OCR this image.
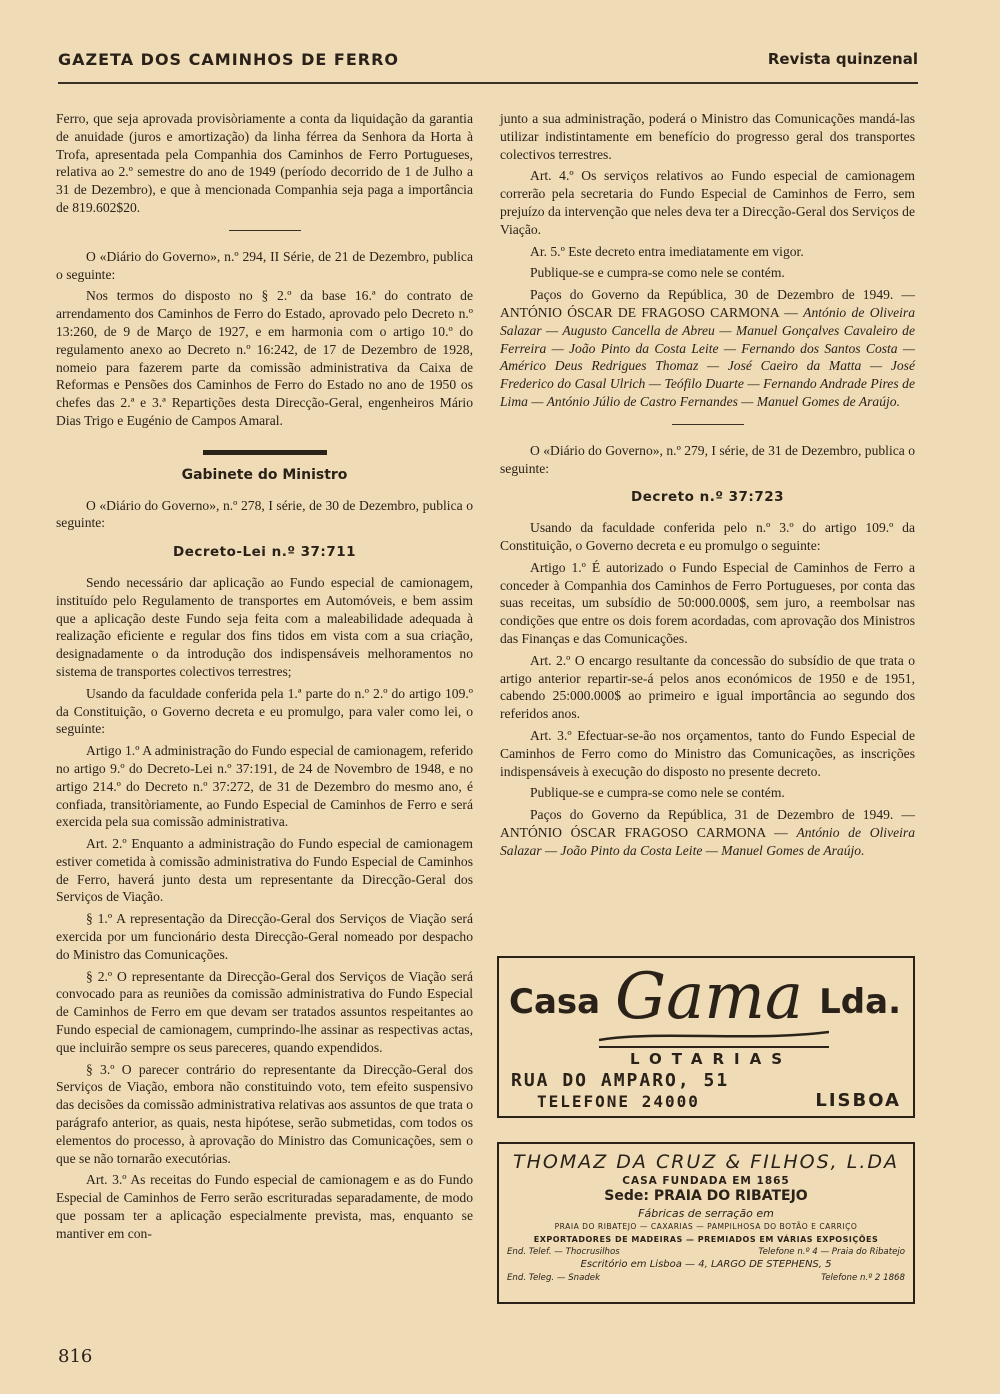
GAZETA DOS CAMINHOS DE FERRO	Revista quinzenal

Ferro, que seja aprovada provisòriamente a conta da liquidação da garantia de anuidade (juros e amortização) da linha férrea da Senhora da Horta à Trofa, apresentada pela Companhia dos Caminhos de Ferro Portugueses, relativa ao 2.º semestre do ano de 1949 (período decorrido de 1 de Julho a 31 de Dezembro), e que à mencionada Companhia seja paga a importância de 819.602$20.

O «Diário do Governo», n.º 294, II Série, de 21 de Dezembro, publica o seguinte:

Nos termos do disposto no § 2.º da base 16.ª do contrato de arrendamento dos Caminhos de Ferro do Estado, aprovado pelo Decreto n.º 13:260, de 9 de Março de 1927, e em harmonia com o artigo 10.º do regulamento anexo ao Decreto n.º 16:242, de 17 de Dezembro de 1928, nomeio para fazerem parte da comissão administrativa da Caixa de Reformas e Pensões dos Caminhos de Ferro do Estado no ano de 1950 os chefes das 2.ª e 3.ª Repartições desta Direcção-Geral, engenheiros Mário Dias Trigo e Eugénio de Campos Amaral.

Gabinete do Ministro

O «Diário do Governo», n.º 278, I série, de 30 de Dezembro, publica o seguinte:

Decreto-Lei n.º 37:711

Sendo necessário dar aplicação ao Fundo especial de camionagem, instituído pelo Regulamento de transportes em Automóveis, e bem assim que a aplicação deste Fundo seja feita com a maleabilidade adequada à realização eficiente e regular dos fins tidos em vista com a sua criação, designadamente o da introdução dos indispensáveis melhoramentos no sistema de transportes colectivos terrestres;

Usando da faculdade conferida pela 1.ª parte do n.º 2.º do artigo 109.º da Constituição, o Governo decreta e eu promulgo, para valer como lei, o seguinte:

Artigo 1.º A administração do Fundo especial de camionagem, referido no artigo 9.º do Decreto-Lei n.º 37:191, de 24 de Novembro de 1948, e no artigo 214.º do Decreto n.º 37:272, de 31 de Dezembro do mesmo ano, é confiada, transitòriamente, ao Fundo Especial de Caminhos de Ferro e será exercida pela sua comissão administrativa.

Art. 2.º Enquanto a administração do Fundo especial de camionagem estiver cometida à comissão administrativa do Fundo Especial de Caminhos de Ferro, haverá junto desta um representante da Direcção-Geral dos Serviços de Viação.

§ 1.º A representação da Direcção-Geral dos Serviços de Viação será exercida por um funcionário desta Direcção-Geral nomeado por despacho do Ministro das Comunicações.

§ 2.º O representante da Direcção-Geral dos Serviços de Viação será convocado para as reuniões da comissão administrativa do Fundo Especial de Caminhos de Ferro em que devam ser tratados assuntos respeitantes ao Fundo especial de camionagem, cumprindo-lhe assinar as respectivas actas, que incluirão sempre os seus pareceres, quando expendidos.

§ 3.º O parecer contrário do representante da Direcção-Geral dos Serviços de Viação, embora não constituindo voto, tem efeito suspensivo das decisões da comissão administrativa relativas aos assuntos de que trata o parágrafo anterior, as quais, nesta hipótese, serão submetidas, com todos os elementos do processo, à aprovação do Ministro das Comunicações, sem o que se não tornarão executórias.

Art. 3.º As receitas do Fundo especial de camionagem e as do Fundo Especial de Caminhos de Ferro serão escrituradas separadamente, de modo que possam ter a aplicação especialmente prevista, mas, enquanto se mantiver em con-

junto a sua administração, poderá o Ministro das Comunicações mandá-las utilizar indistintamente em benefício do progresso geral dos transportes colectivos terrestres.

Art. 4.º Os serviços relativos ao Fundo especial de camionagem correrão pela secretaria do Fundo Especial de Caminhos de Ferro, sem prejuízo da intervenção que neles deva ter a Direcção-Geral dos Serviços de Viação.

Ar. 5.º Este decreto entra imediatamente em vigor.

Publique-se e cumpra-se como nele se contém.

Paços do Governo da República, 30 de Dezembro de 1949. — ANTÓNIO ÓSCAR DE FRAGOSO CARMONA — António de Oliveira Salazar — Augusto Cancella de Abreu — Manuel Gonçalves Cavaleiro de Ferreira — João Pinto da Costa Leite — Fernando dos Santos Costa — Américo Deus Redrigues Thomaz — José Caeiro da Matta — José Frederico do Casal Ulrich — Teófilo Duarte — Fernando Andrade Pires de Lima — António Júlio de Castro Fernandes — Manuel Gomes de Araújo.

O «Diário do Governo», n.º 279, I série, de 31 de Dezembro, publica o seguinte:

Decreto n.º 37:723

Usando da faculdade conferida pelo n.º 3.º do artigo 109.º da Constituição, o Governo decreta e eu promulgo o seguinte:

Artigo 1.º É autorizado o Fundo Especial de Caminhos de Ferro a conceder à Companhia dos Caminhos de Ferro Portugueses, por conta das suas receitas, um subsídio de 50:000.000$, sem juro, a reembolsar nas condições que entre os dois forem acordadas, com aprovação dos Ministros das Finanças e das Comunicações.

Art. 2.º O encargo resultante da concessão do subsídio de que trata o artigo anterior repartir-se-á pelos anos económicos de 1950 e de 1951, cabendo 25:000.000$ ao primeiro e igual importância ao segundo dos referidos anos.

Art. 3.º Efectuar-se-ão nos orçamentos, tanto do Fundo Especial de Caminhos de Ferro como do Ministro das Comunicações, as inscrições indispensáveis à execução do disposto no presente decreto.

Publique-se e cumpra-se como nele se contém.

Paços do Governo da República, 31 de Dezembro de 1949. — ANTÓNIO ÓSCAR FRAGOSO CARMONA — António de Oliveira Salazar — João Pinto da Costa Leite — Manuel Gomes de Araújo.

Casa Gama Lda.
LOTARIAS
RUA DO AMPARO, 51
TELEFONE 24000	LISBOA
THOMAZ DA CRUZ & FILHOS, L.DA
CASA FUNDADA EM 1865
Sede: PRAIA DO RIBATEJO
Fábricas de serração em
PRAIA DO RIBATEJO — CAXARIAS — PAMPILHOSA DO BOTÃO E CARRIÇO
EXPORTADORES DE MADEIRAS — PREMIADOS EM VÁRIAS EXPOSIÇÕES
End. Telef. — Thocrusilhos	Telefone n.º 4 — Praia do Ribatejo
Escritório em Lisboa — 4, LARGO DE STEPHENS, 5
End. Teleg. — Snadek	Telefone n.º 2 1868
816
